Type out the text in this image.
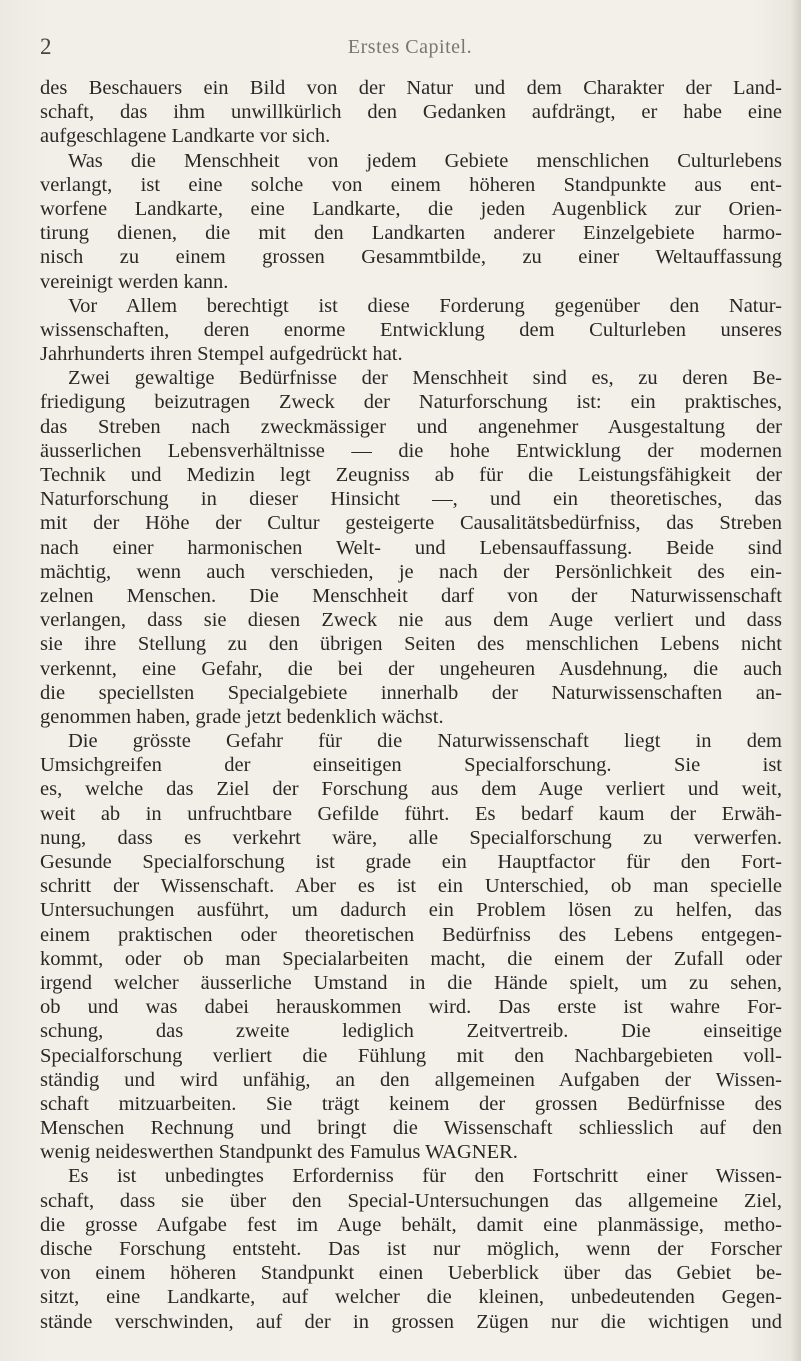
2	Erstes Capitel.
des Beschauers ein Bild von der Natur und dem Charakter der Land-
schaft, das ihm unwillkürlich den Gedanken aufdrängt, er habe eine
aufgeschlagene Landkarte vor sich.
Was die Menschheit von jedem Gebiete menschlichen Culturlebens
verlangt, ist eine solche von einem höheren Standpunkte aus ent-
worfene Landkarte, eine Landkarte, die jeden Augenblick zur Orien-
tirung dienen, die mit den Landkarten anderer Einzelgebiete harmo-
nisch zu einem grossen Gesammtbilde, zu einer Weltauffassung
vereinigt werden kann.
Vor Allem berechtigt ist diese Forderung gegenüber den Natur-
wissenschaften, deren enorme Entwicklung dem Culturleben unseres
Jahrhunderts ihren Stempel aufgedrückt hat.
Zwei gewaltige Bedürfnisse der Menschheit sind es, zu deren Be-
friedigung beizutragen Zweck der Naturforschung ist: ein praktisches,
das Streben nach zweckmässiger und angenehmer Ausgestaltung der
äusserlichen Lebensverhältnisse — die hohe Entwicklung der modernen
Technik und Medizin legt Zeugniss ab für die Leistungsfähigkeit der
Naturforschung in dieser Hinsicht —, und ein theoretisches, das
mit der Höhe der Cultur gesteigerte Causalitätsbedürfniss, das Streben
nach einer harmonischen Welt- und Lebensauffassung. Beide sind
mächtig, wenn auch verschieden, je nach der Persönlichkeit des ein-
zelnen Menschen. Die Menschheit darf von der Naturwissenschaft
verlangen, dass sie diesen Zweck nie aus dem Auge verliert und dass
sie ihre Stellung zu den übrigen Seiten des menschlichen Lebens nicht
verkennt, eine Gefahr, die bei der ungeheuren Ausdehnung, die auch
die speciellsten Specialgebiete innerhalb der Naturwissenschaften an-
genommen haben, grade jetzt bedenklich wächst.
Die grösste Gefahr für die Naturwissenschaft liegt in dem
Umsichgreifen der einseitigen Specialforschung. Sie ist
es, welche das Ziel der Forschung aus dem Auge verliert und weit,
weit ab in unfruchtbare Gefilde führt. Es bedarf kaum der Erwäh-
nung, dass es verkehrt wäre, alle Specialforschung zu verwerfen.
Gesunde Specialforschung ist grade ein Hauptfactor für den Fort-
schritt der Wissenschaft. Aber es ist ein Unterschied, ob man specielle
Untersuchungen ausführt, um dadurch ein Problem lösen zu helfen, das
einem praktischen oder theoretischen Bedürfniss des Lebens entgegen-
kommt, oder ob man Specialarbeiten macht, die einem der Zufall oder
irgend welcher äusserliche Umstand in die Hände spielt, um zu sehen,
ob und was dabei herauskommen wird. Das erste ist wahre For-
schung, das zweite lediglich Zeitvertreib. Die einseitige
Specialforschung verliert die Fühlung mit den Nachbargebieten voll-
ständig und wird unfähig, an den allgemeinen Aufgaben der Wissen-
schaft mitzuarbeiten. Sie trägt keinem der grossen Bedürfnisse des
Menschen Rechnung und bringt die Wissenschaft schliesslich auf den
wenig neideswerthen Standpunkt des Famulus WAGNER.
Es ist unbedingtes Erforderniss für den Fortschritt einer Wissen-
schaft, dass sie über den Special-Untersuchungen das allgemeine Ziel,
die grosse Aufgabe fest im Auge behält, damit eine planmässige, metho-
dische Forschung entsteht. Das ist nur möglich, wenn der Forscher
von einem höheren Standpunkt einen Ueberblick über das Gebiet be-
sitzt, eine Landkarte, auf welcher die kleinen, unbedeutenden Gegen-
stände verschwinden, auf der in grossen Zügen nur die wichtigen und
